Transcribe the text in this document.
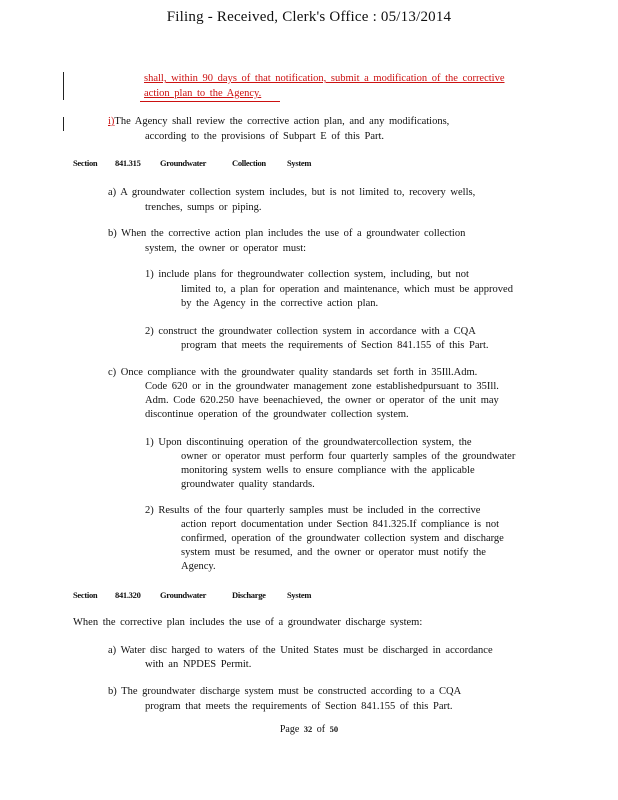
Filing - Received, Clerk's Office : 05/13/2014
shall, within 90 days of that notification, submit a modification of the corrective
action plan to the Agency.
i)The Agency shall review the corrective action plan, and any modifications,
according to the provisions of Subpart E of this Part.
Section 841.315 Groundwater	Collection System
a) A groundwater collection system includes, but is not limited to, recovery wells,
trenches, sumps or piping.
b) When the corrective action plan includes the use of a groundwater collection
system, the owner or operator must:
1) include plans for thegroundwater collection system, including, but not
limited to, a plan for operation and maintenance, which must be approved
by the Agency in the corrective action plan.
2) construct the groundwater collection system in accordance with a CQA
program that meets the requirements of Section 841.155 of this Part.
c) Once compliance with the groundwater quality standards set forth in 35Ill.Adm.
Code 620 or in the groundwater management zone establishedpursuant to 35Ill.
Adm. Code 620.250 have beenachieved, the owner or operator of the unit may
discontinue operation of the groundwater collection system.
1) Upon discontinuing operation of the groundwatercollection system, the
owner or operator must perform four quarterly samples of the groundwater
monitoring system wells to ensure compliance with the applicable
groundwater quality standards.
2) Results of the four quarterly samples must be included in the corrective
action report documentation under Section 841.325.If compliance is not
confirmed, operation of the groundwater collection system and discharge
system must be resumed, and the owner or operator must notify the
Agency.
Section 841.320 Groundwater	Discharge	System
When the corrective plan includes the use of a groundwater discharge system:
a) Water disc harged to waters of the United States must be discharged in accordance
with an NPDES Permit.
b) The groundwater discharge system must be constructed according to a CQA
program that meets the requirements of Section 841.155 of this Part.
Page 32 of 50
